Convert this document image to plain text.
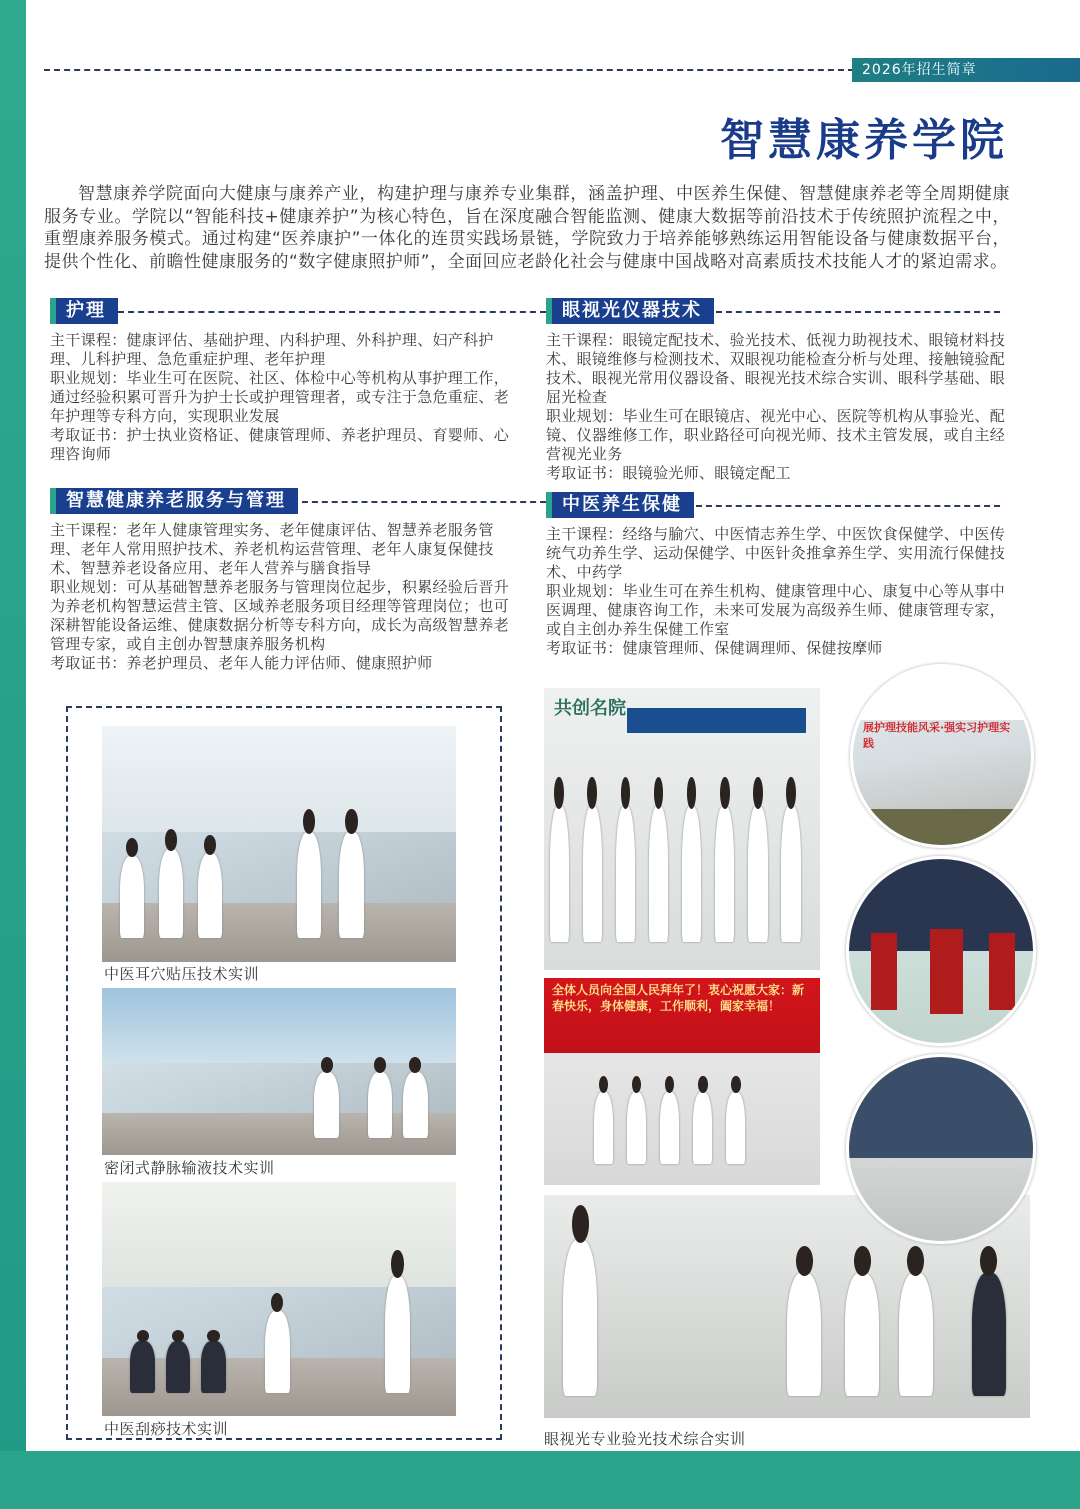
2026年招生简章
智慧康养学院

智慧康养学院面向大健康与康养产业，构建护理与康养专业集群，涵盖护理、中医养生保健、智慧健康养老等全周期健康服务专业。学院以“智能科技+健康养护”为核心特色，旨在深度融合智能监测、健康大数据等前沿技术于传统照护流程之中，重塑康养服务模式。通过构建“医养康护”一体化的连贯实践场景链，学院致力于培养能够熟练运用智能设备与健康数据平台，提供个性化、前瞻性健康服务的“数字健康照护师”，全面回应老龄化社会与健康中国战略对高素质技术技能人才的紧迫需求。

护理

主干课程：健康评估、基础护理、内科护理、外科护理、妇产科护理、儿科护理、急危重症护理、老年护理

职业规划：毕业生可在医院、社区、体检中心等机构从事护理工作，通过经验积累可晋升为护士长或护理管理者，或专注于急危重症、老年护理等专科方向，实现职业发展

考取证书：护士执业资格证、健康管理师、养老护理员、育婴师、心理咨询师

智慧健康养老服务与管理

主干课程：老年人健康管理实务、老年健康评估、智慧养老服务管理、老年人常用照护技术、养老机构运营管理、老年人康复保健技术、智慧养老设备应用、老年人营养与膳食指导

职业规划：可从基础智慧养老服务与管理岗位起步，积累经验后晋升为养老机构智慧运营主管、区域养老服务项目经理等管理岗位；也可深耕智能设备运维、健康数据分析等专科方向，成长为高级智慧养老管理专家，或自主创办智慧康养服务机构

考取证书：养老护理员、老年人能力评估师、健康照护师

眼视光仪器技术

主干课程：眼镜定配技术、验光技术、低视力助视技术、眼镜材料技术、眼镜维修与检测技术、双眼视功能检查分析与处理、接触镜验配技术、眼视光常用仪器设备、眼视光技术综合实训、眼科学基础、眼屈光检查

职业规划：毕业生可在眼镜店、视光中心、医院等机构从事验光、配镜、仪器维修工作，职业路径可向视光师、技术主管发展，或自主经营视光业务

考取证书：眼镜验光师、眼镜定配工

中医养生保健

主干课程：经络与腧穴、中医情志养生学、中医饮食保健学、中医传统气功养生学、运动保健学、中医针灸推拿养生学、实用流行保健技术、中药学

职业规划：毕业生可在养生机构、健康管理中心、康复中心等从事中医调理、健康咨询工作，未来可发展为高级养生师、健康管理专家，或自主创办养生保健工作室

考取证书：健康管理师、保健调理师、保健按摩师

中医耳穴贴压技术实训
密闭式静脉输液技术实训
中医刮痧技术实训
共创名院
全体人员向全国人民拜年了！衷心祝愿大家：新春快乐，身体健康，工作顺利，阖家幸福！
眼视光专业验光技术综合实训
展护理技能风采·强实习护理实践
